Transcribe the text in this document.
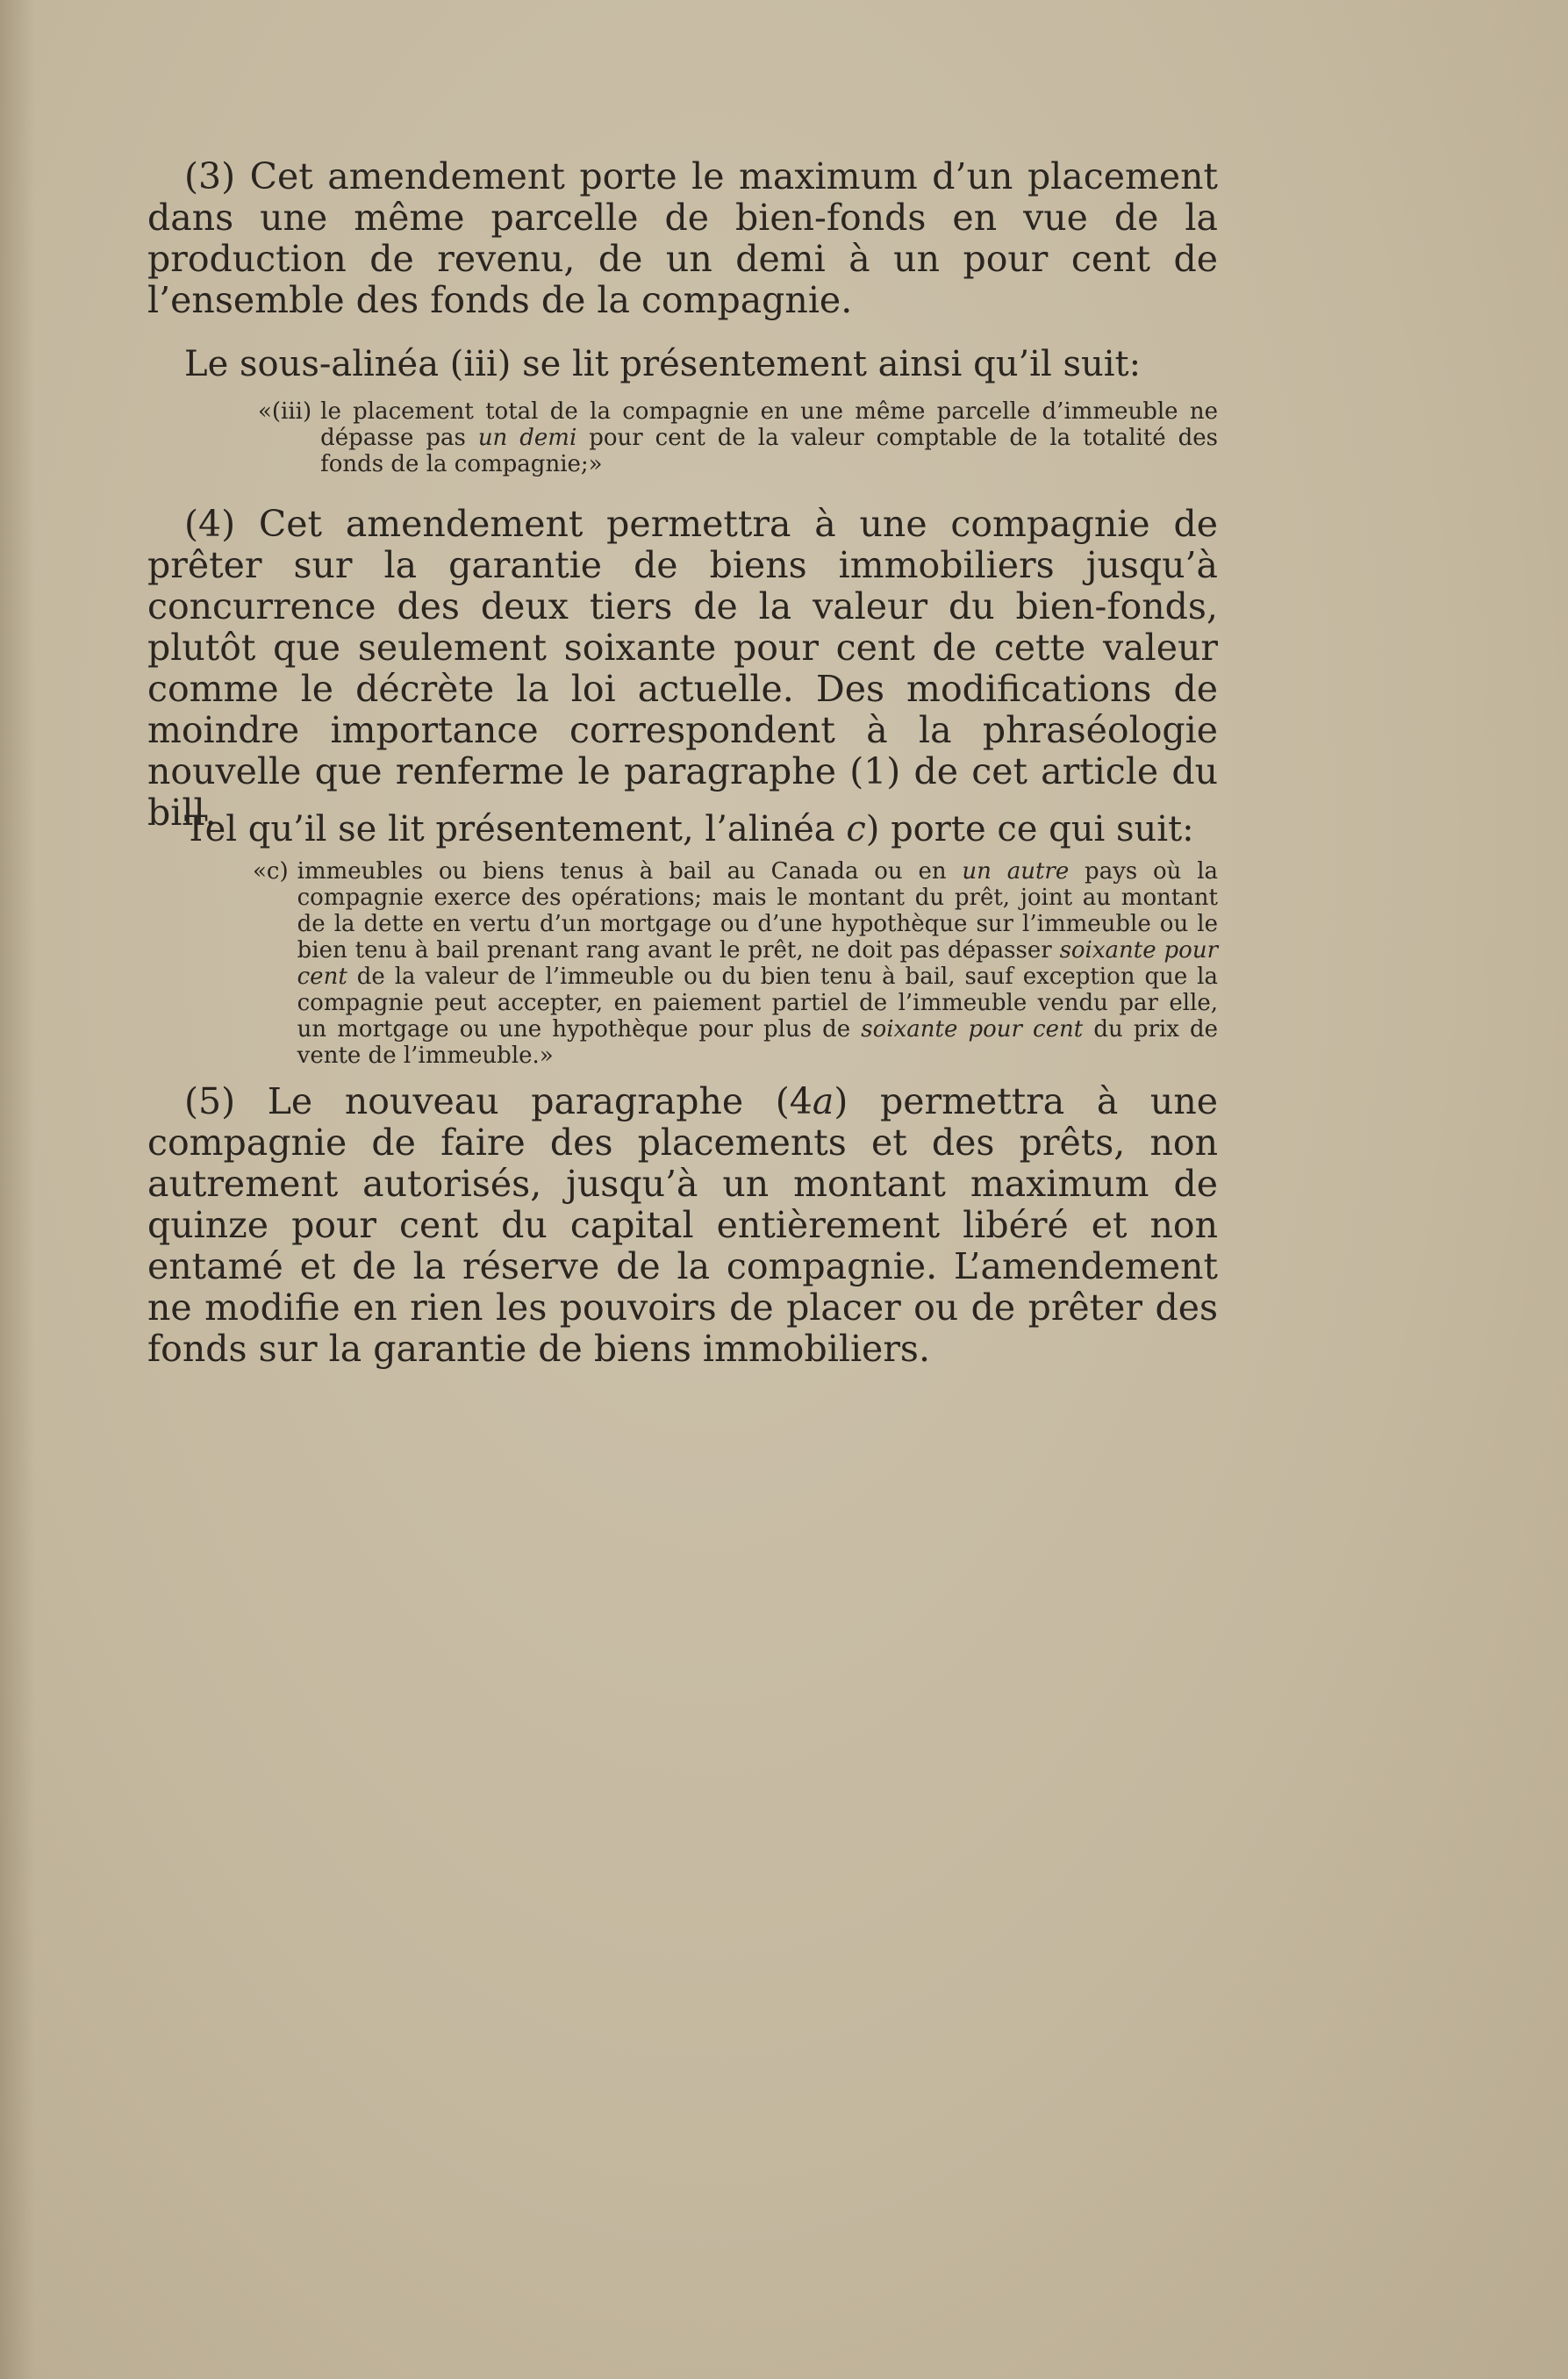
(3) Cet amendement porte le maximum d’un placement dans une même parcelle de bien-fonds en vue de la production de revenu, de un demi à un pour cent de l’ensemble des fonds de la compagnie.

Le sous-alinéa (iii) se lit présentement ainsi qu’il suit:

«(iii) le placement total de la compagnie en une même parcelle d’immeuble ne dépasse pas un demi pour cent de la valeur comptable de la totalité des fonds de la compagnie;»

(4) Cet amendement permettra à une compagnie de prêter sur la garantie de biens immobiliers jusqu’à concurrence des deux tiers de la valeur du bien-fonds, plutôt que seulement soixante pour cent de cette valeur comme le décrète la loi actuelle. Des modifications de moindre importance correspondent à la phraséologie nouvelle que renferme le paragraphe (1) de cet article du bill.

Tel qu’il se lit présentement, l’alinéa c) porte ce qui suit:

«c) immeubles ou biens tenus à bail au Canada ou en un autre pays où la compagnie exerce des opérations; mais le montant du prêt, joint au montant de la dette en vertu d’un mortgage ou d’une hypothèque sur l’immeuble ou le bien tenu à bail prenant rang avant le prêt, ne doit pas dépasser soixante pour cent de la valeur de l’immeuble ou du bien tenu à bail, sauf exception que la compagnie peut accepter, en paiement partiel de l’immeuble vendu par elle, un mortgage ou une hypothèque pour plus de soixante pour cent du prix de vente de l’immeuble.»

(5) Le nouveau paragraphe (4a) permettra à une compagnie de faire des placements et des prêts, non autrement autorisés, jusqu’à un montant maximum de quinze pour cent du capital entièrement libéré et non entamé et de la réserve de la compagnie. L’amendement ne modifie en rien les pouvoirs de placer ou de prêter des fonds sur la garantie de biens immobiliers.
